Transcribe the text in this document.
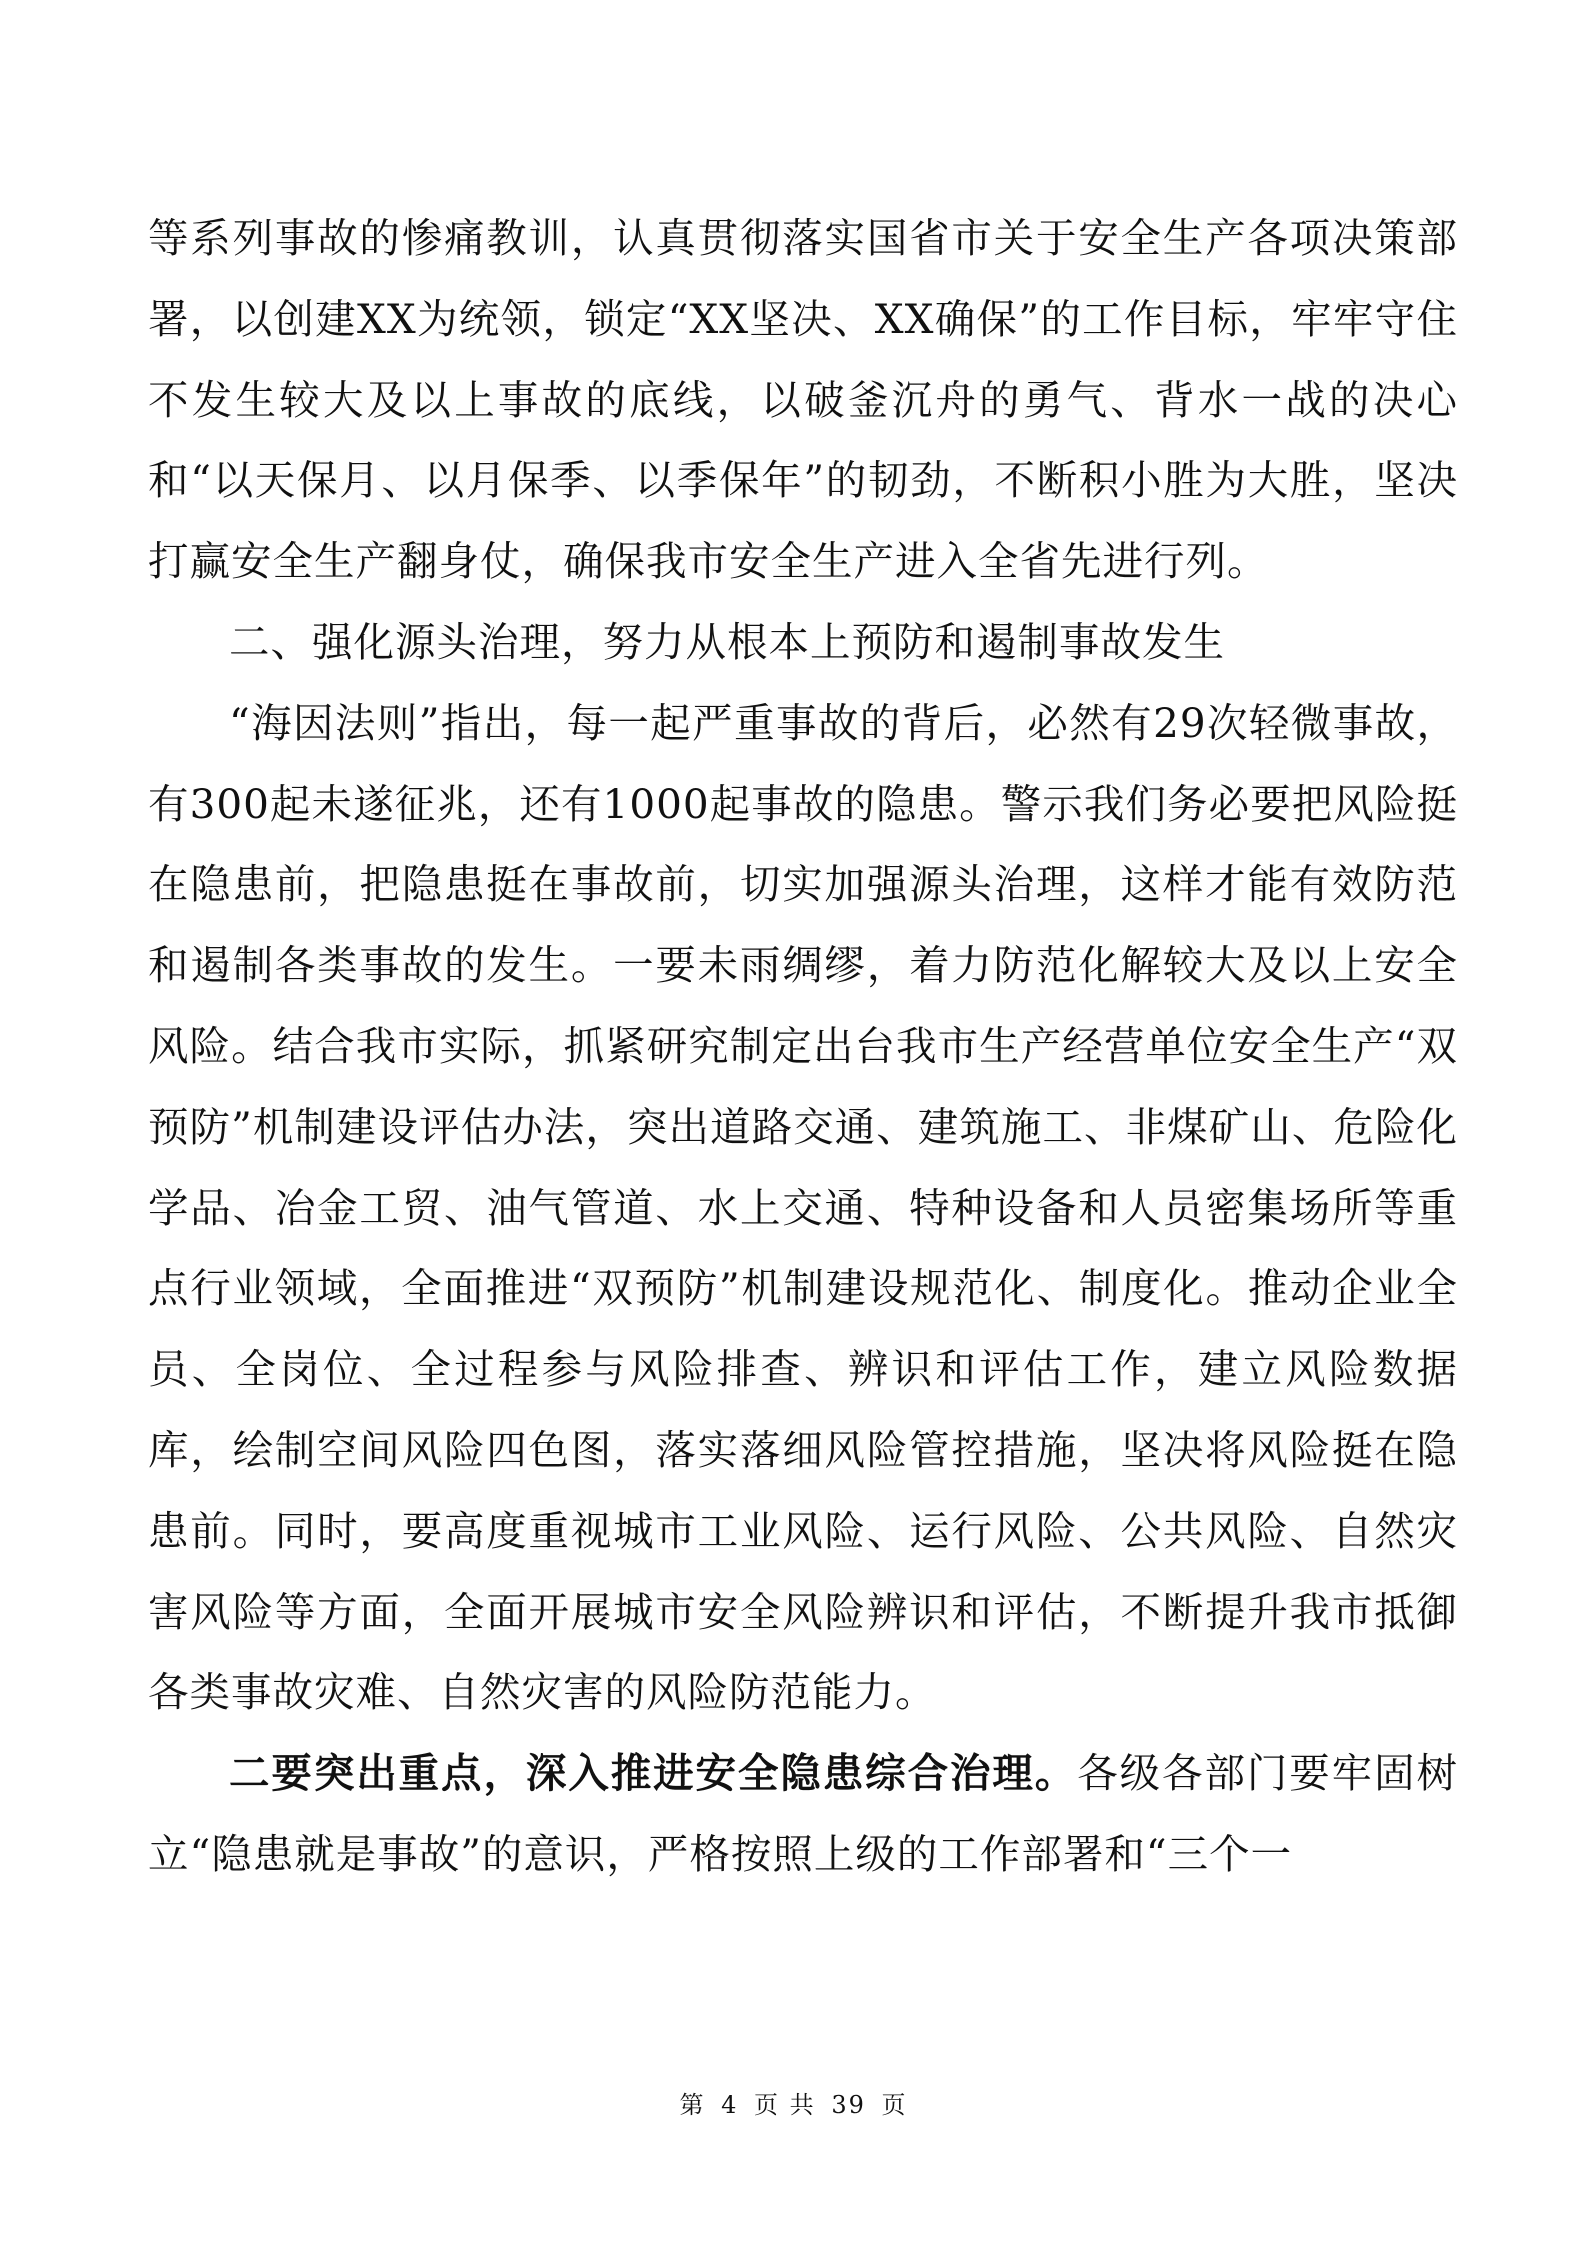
等系列事故的惨痛教训，认真贯彻落实国省市关于安全生产各项决策部署，以创建XX为统领，锁定“XX坚决、XX确保”的工作目标，牢牢守住不发生较大及以上事故的底线，以破釜沉舟的勇气、背水一战的决心和“以天保月、以月保季、以季保年”的韧劲，不断积小胜为大胜，坚决打赢安全生产翻身仗，确保我市安全生产进入全省先进行列。

二、强化源头治理，努力从根本上预防和遏制事故发生

“海因法则”指出，每一起严重事故的背后，必然有29次轻微事故，有300起未遂征兆，还有1000起事故的隐患。警示我们务必要把风险挺在隐患前，把隐患挺在事故前，切实加强源头治理，这样才能有效防范和遏制各类事故的发生。一要未雨绸缪，着力防范化解较大及以上安全风险。结合我市实际，抓紧研究制定出台我市生产经营单位安全生产“双预防”机制建设评估办法，突出道路交通、建筑施工、非煤矿山、危险化学品、冶金工贸、油气管道、水上交通、特种设备和人员密集场所等重点行业领域，全面推进“双预防”机制建设规范化、制度化。推动企业全员、全岗位、全过程参与风险排查、辨识和评估工作，建立风险数据库，绘制空间风险四色图，落实落细风险管控措施，坚决将风险挺在隐患前。同时，要高度重视城市工业风险、运行风险、公共风险、自然灾害风险等方面，全面开展城市安全风险辨识和评估，不断提升我市抵御各类事故灾难、自然灾害的风险防范能力。

二要突出重点，深入推进安全隐患综合治理。各级各部门要牢固树立“隐患就是事故”的意识，严格按照上级的工作部署和“三个一

第 4 页 共 39 页
